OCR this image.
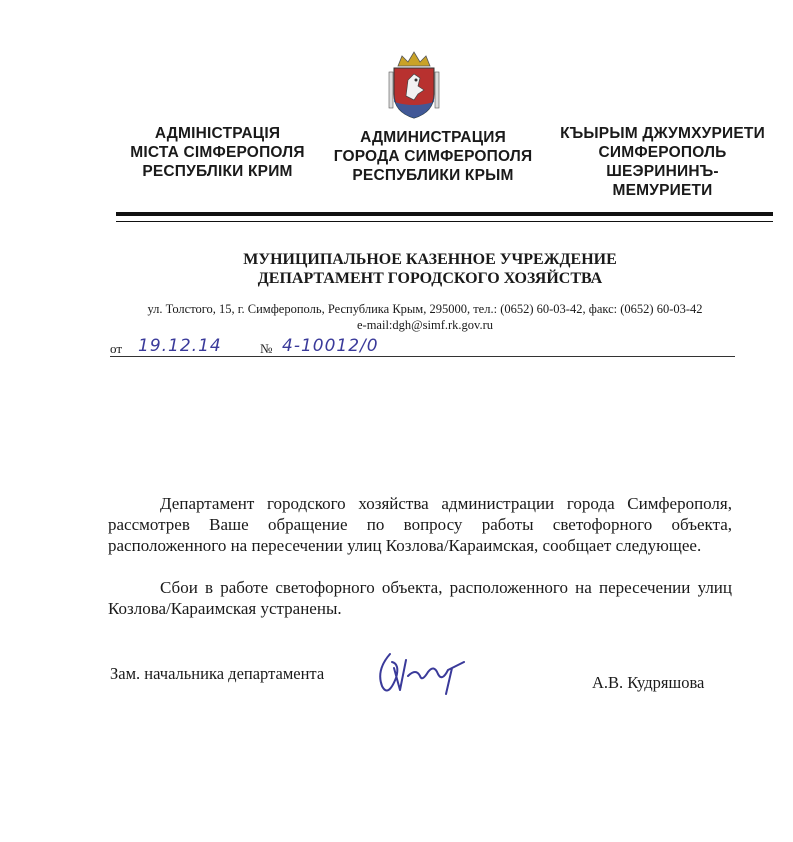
АДМІНІСТРАЦІЯ
МІСТА СІМФЕРОПОЛЯ
РЕСПУБЛІКИ КРИМ
АДМИНИСТРАЦИЯ
ГОРОДА СИМФЕРОПОЛЯ
РЕСПУБЛИКИ КРЫМ
КЪЫРЫМ ДЖУМХУРИЕТИ
СИМФЕРОПОЛЬ
ШЕЭРИНИНЪ-
МЕМУРИЕТИ
МУНИЦИПАЛЬНОЕ КАЗЕННОЕ УЧРЕЖДЕНИЕ
ДЕПАРТАМЕНТ ГОРОДСКОГО ХОЗЯЙСТВА
ул. Толстого, 15, г. Симферополь, Республика Крым, 295000, тел.: (0652) 60-03-42, факс: (0652) 60-03-42
e-mail:dgh@simf.rk.gov.ru
от 19.12.14	№ 4-10012/0
Департамент городского хозяйства администрации города Симферополя, рассмотрев Ваше обращение по вопросу работы светофорного объекта, расположенного на пересечении улиц Козлова/Караимская, сообщает следующее.
Сбои в работе светофорного объекта, расположенного на пересечении улиц Козлова/Караимская устранены.
Зам. начальника департамента	А.В. Кудряшова
